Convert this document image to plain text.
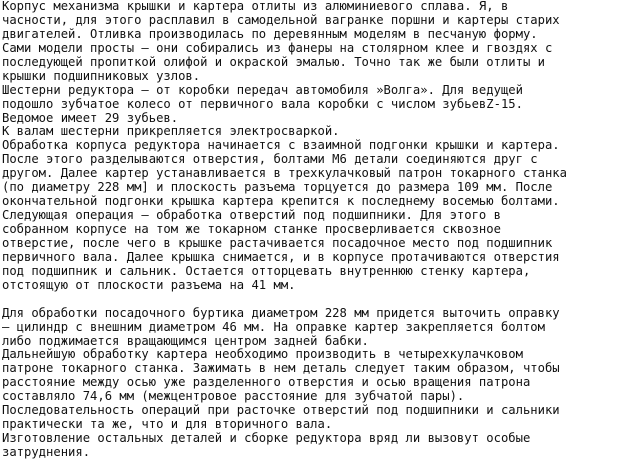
Корпус механизма крышки и картера отлиты из алюминиевого сплава. Я, в
часности, для этого расплавил в самодельной вагранке поршни и картеры старих
двигателей. Отливка производилась по деревянным моделям в песчаную форму.
Сами модели просты – они собирались из фанеры на столярном клее и гвоздях с
последующей пропиткой олифой и окраской эмалью. Точно так же были отлиты и
крышки подшипниковых узлов.
Шестерни редуктора – от коробки передач автомобиля »Волга». Для ведущей
подошло зубчатое колесо от первичного вала коробки с числом зубьевZ-15.
Ведомое имеет 29 зубьев.
К валам шестерни прикрепляется электросваркой.
Обработка корпуса редуктора начинается с взаимной подгонки крышки и картера.
После этого разделываются отверстия, болтами М6 детали соединяются друг с
другом. Далее картер устанавливается в трехкулачковый патрон токарного станка
(по диаметру 228 мм] и плоскость разъема торцуется до размера 109 мм. После
окончательной подгонки крышка картера крепится к последнему восемью болтами.
Следующая операция – обработка отверстий под подшипники. Для этого в
собранном корпусе на том же токарном станке просверливается сквозное
отверстие, после чего в крышке растачивается посадочное место под подшипник
первичного вала. Далее крышка снимается, и в корпусе протачиваются отверстия
под подшипник и сальник. Остается отторцевать внутреннюю стенку картера,
отстоящую от плоскости разъема на 41 мм.
Для обработки посадочного буртика диаметром 228 мм придется выточить оправку
– цилиндр с внешним диаметром 46 мм. На оправке картер закрепляется болтом
либо поджимается вращающимся центром задней бабки.
Дальнейшую обработку картера необходимо производить в четырехкулачковом
патроне токарного станка. Зажимать в нем деталь следует таким образом, чтобы
расстояние между осью уже разделенного отверстия и осью вращения патрона
составляло 74,6 мм (межцентровое расстояние для зубчатой пары).
Последовательность операций при расточке отверстий под подшипники и сальники
практически та же, что и для вторичного вала.
Изготовление остальных деталей и сборке редуктора вряд ли вызовут особые
затруднения.
